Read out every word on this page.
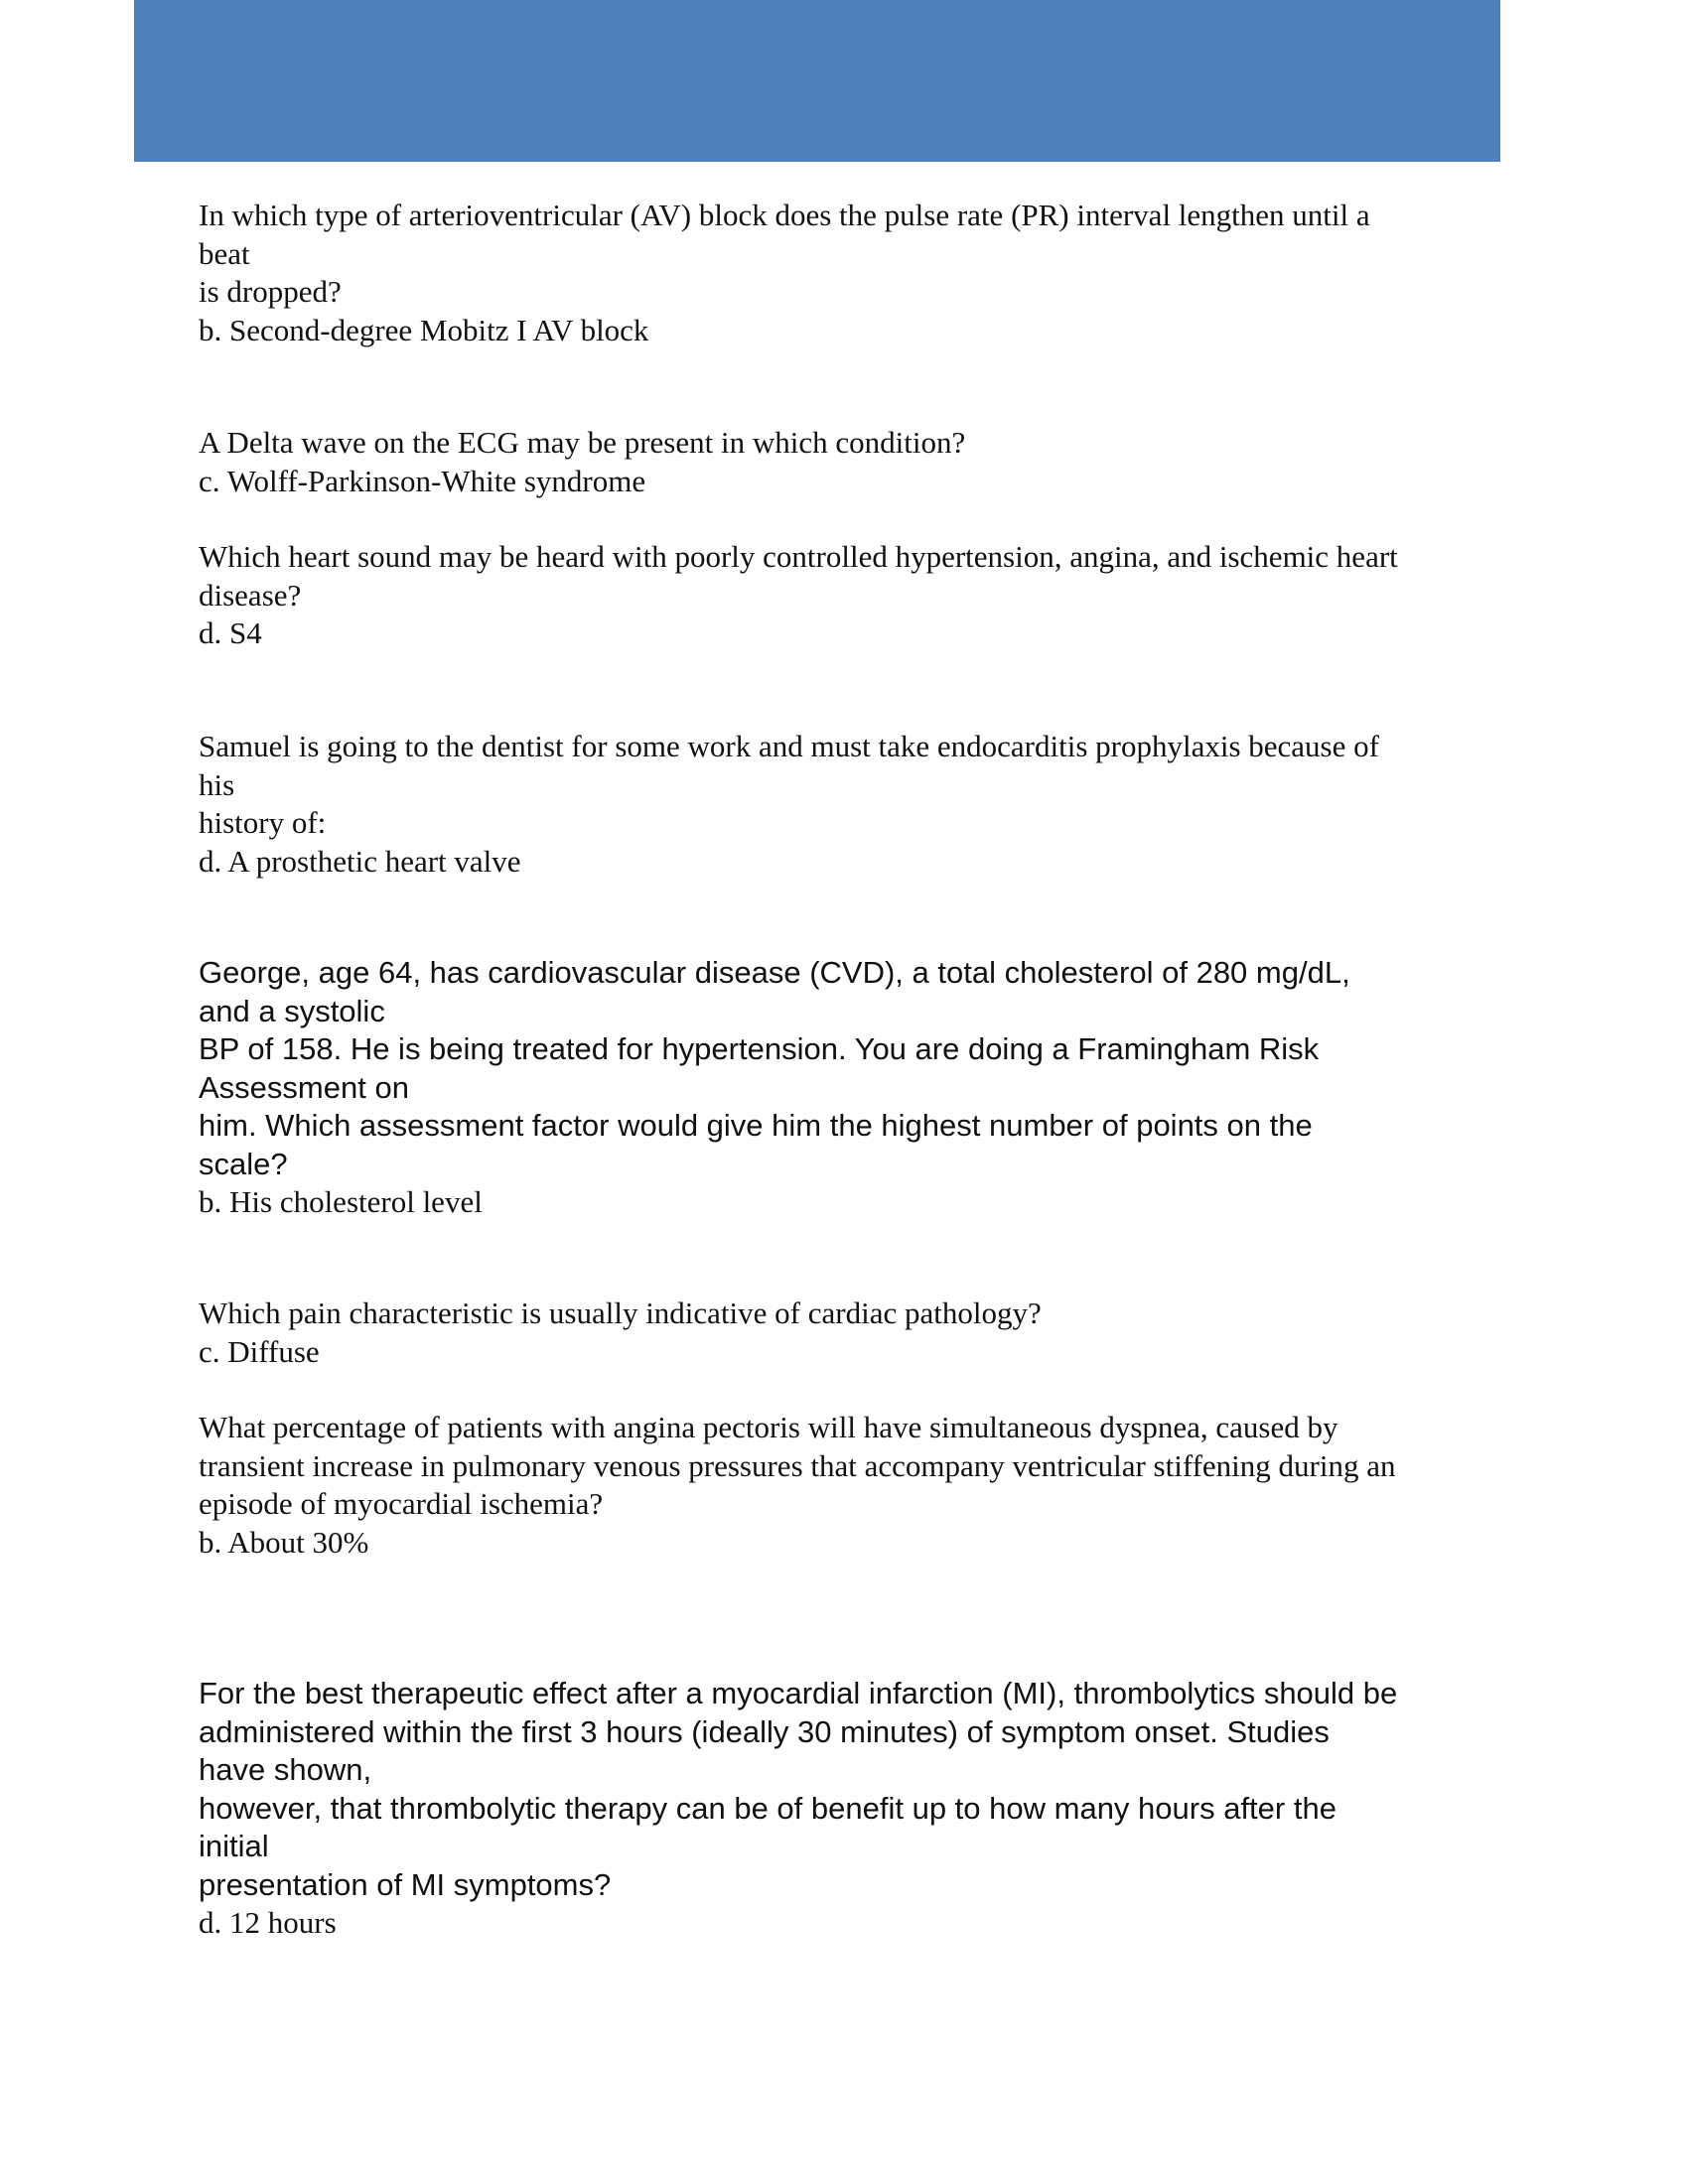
In which type of arterioventricular (AV) block does the pulse rate (PR) interval lengthen until a
beat
is dropped?
b. Second-degree Mobitz I AV block
A Delta wave on the ECG may be present in which condition?
c. Wolff-Parkinson-White syndrome
Which heart sound may be heard with poorly controlled hypertension, angina, and ischemic heart
disease?
d. S4
Samuel is going to the dentist for some work and must take endocarditis prophylaxis because of
his
history of:
d. A prosthetic heart valve
George, age 64, has cardiovascular disease (CVD), a total cholesterol of 280 mg/dL,
and a systolic
BP of 158. He is being treated for hypertension. You are doing a Framingham Risk
Assessment on
him. Which assessment factor would give him the highest number of points on the
scale?
b. His cholesterol level
Which pain characteristic is usually indicative of cardiac pathology?
c. Diffuse
What percentage of patients with angina pectoris will have simultaneous dyspnea, caused by
transient increase in pulmonary venous pressures that accompany ventricular stiffening during an
episode of myocardial ischemia?
b. About 30%
For the best therapeutic effect after a myocardial infarction (MI), thrombolytics should be
administered within the first 3 hours (ideally 30 minutes) of symptom onset. Studies
have shown,
however, that thrombolytic therapy can be of benefit up to how many hours after the
initial
presentation of MI symptoms?
d. 12 hours
